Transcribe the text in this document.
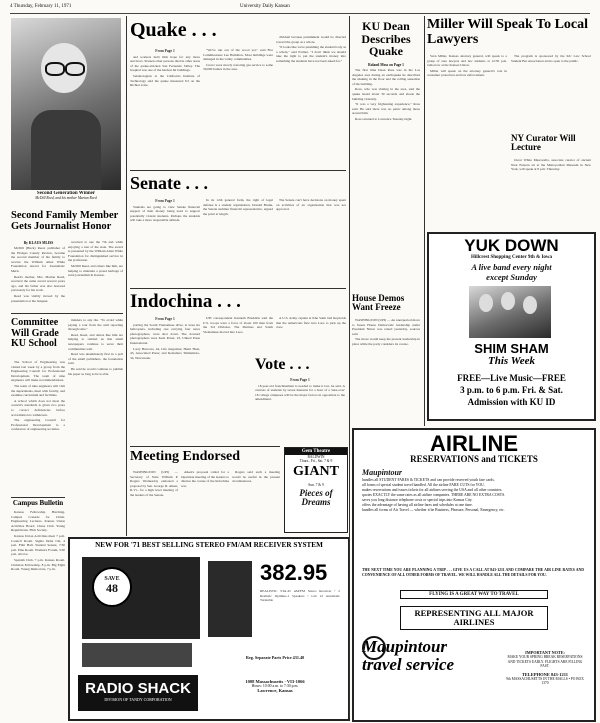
4 Thursday, February 11, 1971	University Daily Kansan
Second Generation Winner
McDill Reed, and his mother Marian Reed
Second Family Member Gets Journalist Honor
By KLAUS MLISS

McDill (Huck) Reed, publisher of the Hodges County Review, became the second member of his family to receive the William Allen White Foundation Award for Journalistic Merit.

Reed's mother, Mrs. Marian Reed, received the same award several years ago, and his father was also honored previously for his work.

Reed was visibly moved by the presentation at the banquet.

received is one the 7th and while enjoying a tour of the state. The award is presented by the William Allen White Foundation for distinguished service in the profession.

McDill Reed, and others like him, are helping to maintain a proud heritage of rural journalism in Kansas.

Committee Will Grade KU School

The School of Engineering was visited last week by a group from the Engineering Council for Professional Development. The team of nine engineers will make recommendations.

The team of nine engineers will visit the departments, meet with faculty, and examine curriculum and facilities.

A school which does not meet the council's standards is given two years to correct deficiencies before accreditation is withdrawn.

The engineering Council for Professional Development is a conference of engineering societies.

minders to any tile. "To avoid while paying a tour from the stall reporting through state."

Reed, Reed, and others like him are helping to remind us that small newspapers continue to serve their communities well.

Reed was unanimously first in a poll of the small publishers, the foundation said.

He said he would continue to publish his paper as long as he is able.

Campus Bulletin

Kansas Fellowship Hatching. Campus Crusade for Christ. Engineering Lectures. Kansas Union Activities Board. Chess Club. Young Republicans. Film Society.

Kansas Union Activities meet 7 p.m. Council Room. Sigma Delta Chi, 4 p.m. Flint Hall. Student Senate, 7:30 p.m. Pine Room. Women's Forum, 3:30 p.m. Alcove.

Spanish Club, 7 p.m. Kansas Room. Christian Fellowship, 8 p.m. Big Eight Room. Young Democrats, 7 p.m.

Quake . . .
From Page 1

and workers held little hope for any more survivors. Sixteen other persons died in other areas of the quake-stricken San Fernando Valley. The hospital was one of the hardest hit buildings.

Seismologists at the California Institute of Technology said the quake measured 6.5 on the Richter scale.

"We've run out of the wood yet," said Fire Commissioner Lee Hamilton. Most buildings were damaged in the valley communities.

Crews were slowly restoring gas service to some 30,000 homes in the area.

dividual because punishment would be directed toward the group as a whole.

"It looks like we're punishing the student body as a whole," said Farmer. "I don't think we should take the right to put the student's money into something the students have not been asked for."

Senate . . .
From Page 1

Students are going to view Senate financial support of their money being used to support potentially violent students. Perhaps the students will take a more responsible attitude.

In its 12th general form, the right of legal defense is a student organization. Donald Brunk, the Senate summer financial representative, argued the point at length.

The Senate can't have decisions on money spent on activities of an organization that was not approved.

Indochina . . .
From Page 1

porting the South Vietnamese drive, at least six helicopters, including one carrying four news photographers, were shot down. The downed photographers were Kent Potter, 23, United Press International.

Larry Burrows, 44, Life magazine; Henri Huet, 43, Associated Press; and Keizaburo Shimamoto, 34, Newsweek.

UPI correspondent Kenneth Braddick said the U.S. troops were a force of about 100 men from the 3rd Division. The Marines and South Vietnamese moved into Laos.

A U.S. Army captain at Khe Sanh told Reynolds that the Americans flew into Laos to pick up the crew.

Vote . . .
From Page 1

18-year-old franchisement is needed to make it law, he said. A canvass of students by seven Kansans for a hour of a 'take-over' 18 college campuses will be the major factors in opposition to the amendment.

Meeting Endorsed

WASHINGTON (UPI) — Secretary of State William P. Rogers Wednesday endorsed a proposal by Sen. George D. Aiken, R-Vt., for a high level meeting of the leaders of the Senate.

Aiken's proposal called for a bipartisan meeting of the leaders to discuss the course of the Indochina war.

Rogers said such a meeting would be useful in the present circumstances.

Gem Theatre
BALDWIN
Thurs., Fri., Sat. 7 & 9
GIANT
Sun. 7 & 9
Pieces of Dreams
NEW FOR '71 BEST SELLING STEREO FM/AM RECEIVER SYSTEM
SAVE
48
382.95
REALISTIC STA-45 AM/FM Stereo Receiver • 2 Realistic Optimus-1 Speakers • Lab 12 Automatic Turntable
Reg. Separate Parts Price 431.40
RADIO SHACK
DIVISION OF TANDY CORPORATION
1008 Massachusetts · VI3-1066
Hours: 10:00 a.m. to 7:30 p.m.
Lawrence, Kansas
KU Dean Describes Quake
Roland Moss on Page 1

The first time Dean Ross was in the Los Angeles area during an earthquake he described the shaking in the floor and the rolling sensation of the building.

Ross, who was visiting in the area, said the quake lasted about 30 seconds and shook the building violently.

"It was a very frightening experience," Ross said. He said there was no panic among those around him.

Ross returned to Lawrence Tuesday night.

Miller Will Speak To Local Lawyers

Vern Miller, Kansas attorney general, will speak to a group of area lawyers and law students at 12:30 p.m. tomorrow at the Kansas Union.

Miller will speak on the attorney general's role in consumer protection and law enforcement.

The program is sponsored by the KU Law School Student Bar Association and is open to the public.

NY Curator Will Lecture

Oscar White Muscarella, associate curator of ancient Near Eastern art at the Metropolitan Museum in New York, will speak at 8 p.m. Thursday.

YUK DOWN
Hillcrest Shopping Center 9th & Iowa
A live band every night
except Sunday
SHIM SHAM
This Week
FREE—Live Music—FREE
3 p.m. to 6 p.m. Fri. & Sat.
Admission with KU ID
House Demos Want Freeze

WASHINGTON (UPI) — An unexpected move to freeze House Democratic leadership under President Nixon was raised yesterday, sources said.

The move would keep the present leadership in place while the party considers its course.

AIRLINE
RESERVATIONS and TICKETS
Maupintour
handles all STUDENT FARES & TICKETS and can provide reserved youth fare cards.
all forms of special student travel handled. All the airline FARE CUTS for YOU.
makes reservations and issues tickets for all airlines serving the USA and all other countries.
quotes EXACTLY the same rates as all airline companies. THERE ARE NO EXTRA COSTS.
saves you long distance telephone costs or special trips into Kansas City.
offers the advantage of having all airline fares and schedules at one time.
handles all forms of Air Travel — whether it be Business, Pleasure, Personal, Emergency, etc.
THE NEXT TIME YOU ARE PLANNING A TRIP . . . GIVE US A CALL AT 843-1211 AND COMPARE THE AIR LINE RATES AND CONVENIENCE OF ALL OTHER FORMS OF TRAVEL. WE WILL HANDLE ALL THE DETAILS FOR YOU.
FLYING IS A GREAT WAY TO TRAVEL
REPRESENTING ALL MAJOR AIRLINES
Maupintour travel service
IMPORTANT NOTE:
MAKE YOUR SPRING BREAK RESERVATIONS AND TICKETS EARLY. FLIGHTS ARE FILLING FAST.
TELEPHONE 843-1211
9th MASSACHUSETTS IN THE MALLS • PO BOX 1370
